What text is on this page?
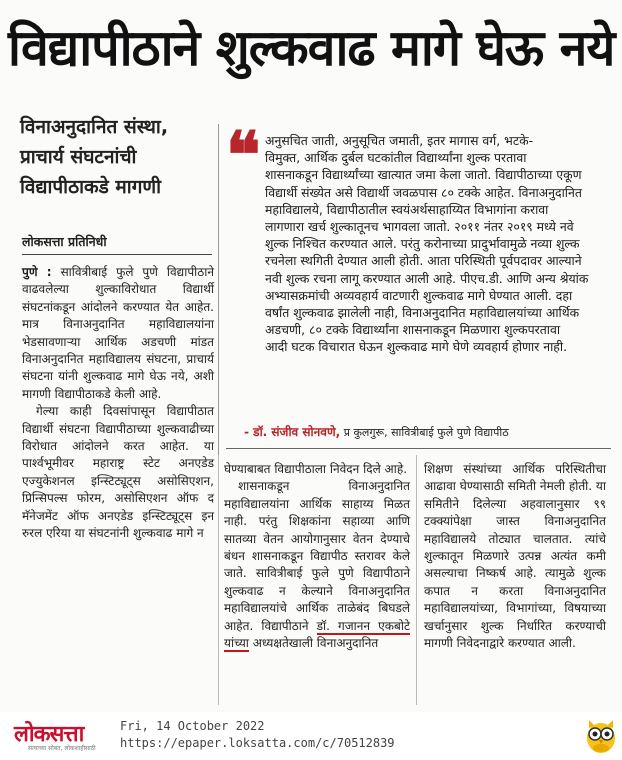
विद्यापीठाने शुल्कवाढ मागे घेऊ नये

विनाअनुदानित संस्था, प्राचार्य संघटनांची विद्यापीठाकडे मागणी

लोकसत्ता प्रतिनिधी

पुणे : सावित्रीबाई फुले पुणे विद्यापीठाने वाढवलेल्या शुल्काविरोधात विद्यार्थी संघटनांकडून आंदोलने करण्यात येत आहेत. मात्र विनाअनुदानित महाविद्यालयांना भेडसावणाऱ्या आर्थिक अडचणी मांडत विनाअनुदानित महाविद्यालय संघटना, प्राचार्य संघटना यांनी शुल्कवाढ मागे घेऊ नये, अशी मागणी विद्यापीठाकडे केली आहे.

गेल्या काही दिवसांपासून विद्यापीठात विद्यार्थी संघटना विद्यापीठाच्या शुल्कवाढीच्या विरोधात आंदोलने करत आहेत. या पार्श्वभूमीवर महाराष्ट्र स्टेट अनएडेड एज्युकेशनल इन्स्टिट्यूट्स असोसिएशन, प्रिन्सिपल्स फोरम, असोसिएशन ऑफ द मॅनेजमेंट ऑफ अनएडेड इन्स्टिट्यूट्स इन रुरल एरिया या संघटनांनी शुल्कवाढ मागे न

❝ अनुसचित जाती, अनुसूचित जमाती, इतर मागास वर्ग, भटके-
विमुक्त, आर्थिक दुर्बल घटकांतील विद्यार्थ्यांना शुल्क परतावा
शासनाकडून विद्यार्थ्यांच्या खात्यात जमा केला जातो. विद्यापीठाच्या एकूण
विद्यार्थी संख्येत असे विद्यार्थी जवळपास ८० टक्के आहेत. विनाअनुदानित
महाविद्यालये, विद्यापीठातील स्वयंअर्थसाहाय्यित विभागांना करावा
लागणारा खर्च शुल्कातूनच भागवला जातो. २०११ नंतर २०१९ मध्ये नवे
शुल्क निश्चित करण्यात आले. परंतु करोनाच्या प्रादुर्भावामुळे नव्या शुल्क
रचनेला स्थगिती देण्यात आली होती. आता परिस्थिती पूर्वपदावर आल्याने
नवी शुल्क रचना लागू करण्यात आली आहे. पीएच.डी. आणि अन्य श्रेयांक
अभ्यासक्रमांची अव्यवहार्य वाटणारी शुल्कवाढ मागे घेण्यात आली. दहा
वर्षांत शुल्कवाढ झालेली नाही, विनाअनुदानित महाविद्यालयांच्या आर्थिक
अडचणी, ८० टक्के विद्यार्थ्यांना शासनाकडून मिळणारा शुल्कपरतावा
आदी घटक विचारात घेऊन शुल्कवाढ मागे घेणे व्यवहार्य होणार नाही.
- डॉ. संजीव सोनवणे, प्र कुलगुरू, सावित्रीबाई फुले पुणे विद्यापीठ

घेण्याबाबत विद्यापीठाला निवेदन दिले आहे.

शासनाकडून विनाअनुदानित महाविद्यालयांना आर्थिक साहाय्य मिळत नाही. परंतु शिक्षकांना सहाव्या आणि सातव्या वेतन आयोगानुसार वेतन देण्याचे बंधन शासनाकडून विद्यापीठ स्तरावर केले जाते. सावित्रीबाई फुले पुणे विद्यापीठाने शुल्कवाढ न केल्याने विनाअनुदानित महाविद्यालयांचे आर्थिक ताळेबंद बिघडले आहेत. विद्यापीठाने डॉ. गजानन एकबोटे यांच्या अध्यक्षतेखाली विनाअनुदानित

शिक्षण संस्थांच्या आर्थिक परिस्थितीचा आढावा घेण्यासाठी समिती नेमली होती. या समितीने दिलेल्या अहवालानुसार ९९ टक्क्यांपेक्षा जास्त विनाअनुदानित महाविद्यालये तोट्यात चालतात. त्यांचे शुल्कातून मिळणारे उत्पन्न अत्यंत कमी असल्याचा निष्कर्ष आहे. त्यामुळे शुल्क कपात न करता विनाअनुदानित महाविद्यालयांच्या, विभागांच्या, विषयाच्या खर्चानुसार शुल्क निर्धारित करण्याची मागणी निवेदनाद्वारे करण्यात आली.

लोकसत्ता
सत्याच्या सोबत, लोकशाहीसाठी
Fri, 14 October 2022
https://epaper.loksatta.com/c/70512839
